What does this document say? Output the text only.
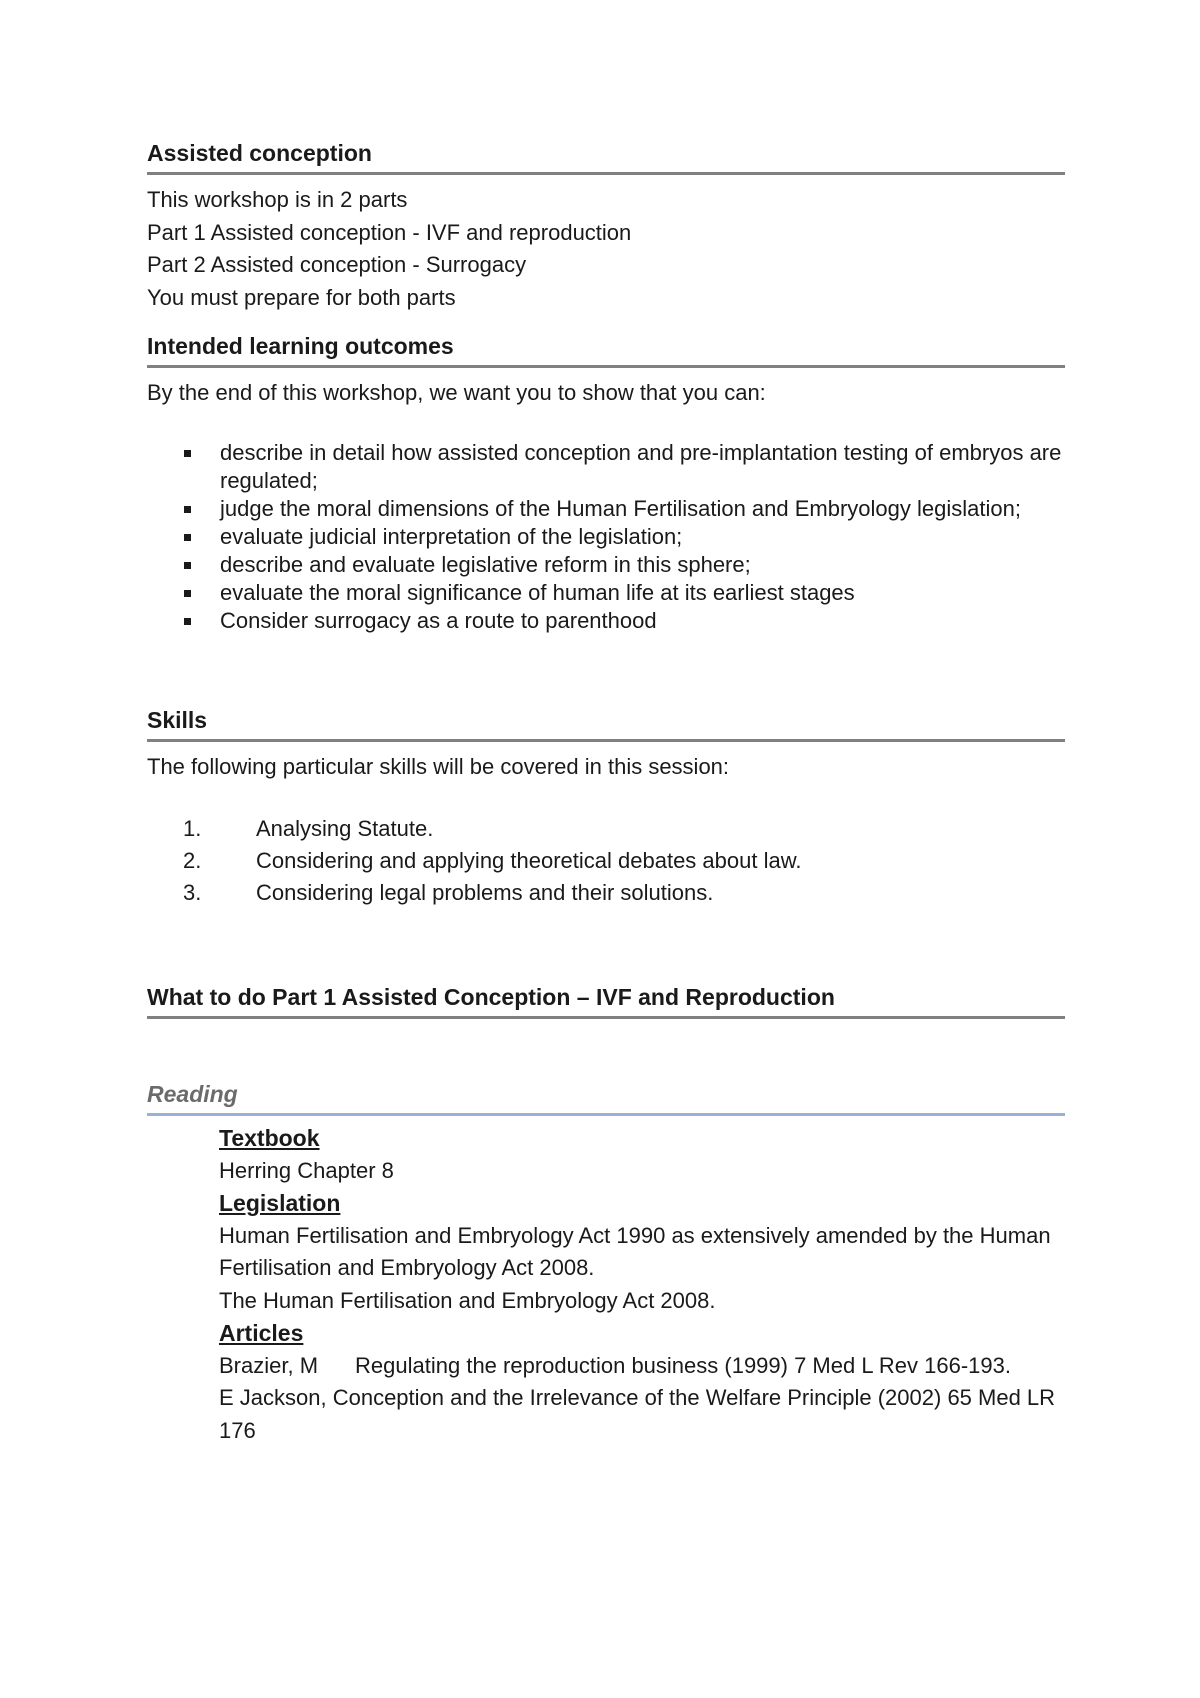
Assisted conception

This workshop is in 2 parts

Part 1 Assisted conception - IVF and reproduction

Part 2 Assisted conception - Surrogacy

You must prepare for both parts

Intended learning outcomes

By the end of this workshop, we want you to show that you can:

describe in detail how assisted conception and pre-implantation testing of embryos are regulated;
judge the moral dimensions of the Human Fertilisation and Embryology legislation;
evaluate judicial interpretation of the legislation;
describe and evaluate legislative reform in this sphere;
evaluate the moral significance of human life at its earliest stages
Consider surrogacy as a route to parenthood
Skills

The following particular skills will be covered in this session:

1. Analysing Statute.
2. Considering and applying theoretical debates about law.
3. Considering legal problems and their solutions.
What to do Part 1 Assisted Conception – IVF and Reproduction
Reading

Textbook

Herring Chapter 8

Legislation

Human Fertilisation and Embryology Act 1990 as extensively amended by the Human Fertilisation and Embryology Act 2008.

The Human Fertilisation and Embryology Act 2008.

Articles

Brazier, M Regulating the reproduction business (1999) 7 Med L Rev 166-193.

E Jackson, Conception and the Irrelevance of the Welfare Principle (2002) 65 Med LR 176
